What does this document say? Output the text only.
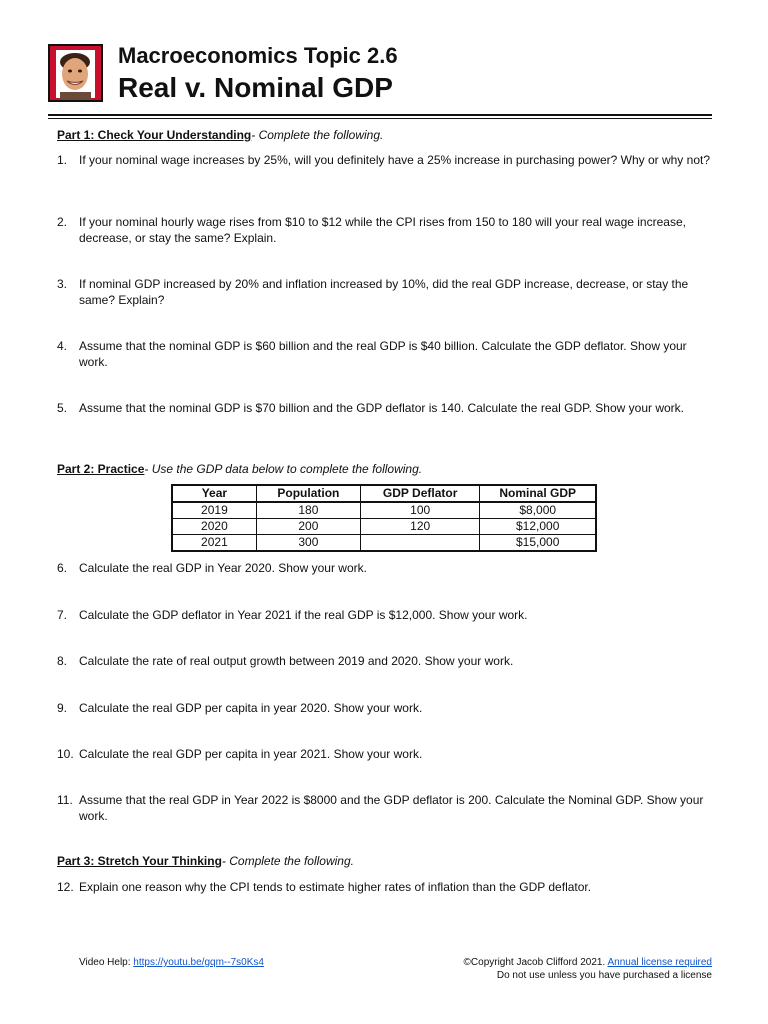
Macroeconomics Topic 2.6
Real v. Nominal GDP
Part 1: Check Your Understanding- Complete the following.
1. If your nominal wage increases by 25%, will you definitely have a 25% increase in purchasing power? Why or why not?
2. If your nominal hourly wage rises from $10 to $12 while the CPI rises from 150 to 180 will your real wage increase, decrease, or stay the same? Explain.
3. If nominal GDP increased by 20% and inflation increased by 10%, did the real GDP increase, decrease, or stay the same? Explain?
4. Assume that the nominal GDP is $60 billion and the real GDP is $40 billion. Calculate the GDP deflator. Show your work.
5. Assume that the nominal GDP is $70 billion and the GDP deflator is 140. Calculate the real GDP. Show your work.
Part 2: Practice- Use the GDP data below to complete the following.
Year	Population	GDP Deflator	Nominal GDP
2019	180	100	$8,000
2020	200	120	$12,000
2021	300		$15,000
6. Calculate the real GDP in Year 2020. Show your work.
7. Calculate the GDP deflator in Year 2021 if the real GDP is $12,000. Show your work.
8. Calculate the rate of real output growth between 2019 and 2020. Show your work.
9. Calculate the real GDP per capita in year 2020. Show your work.
10. Calculate the real GDP per capita in year 2021. Show your work.
11. Assume that the real GDP in Year 2022 is $8000 and the GDP deflator is 200. Calculate the Nominal GDP. Show your work.
Part 3: Stretch Your Thinking- Complete the following.
12. Explain one reason why the CPI tends to estimate higher rates of inflation than the GDP deflator.
Video Help: https://youtu.be/gqm--7s0Ks4	©Copyright Jacob Clifford 2021. Annual license required
Do not use unless you have purchased a license
